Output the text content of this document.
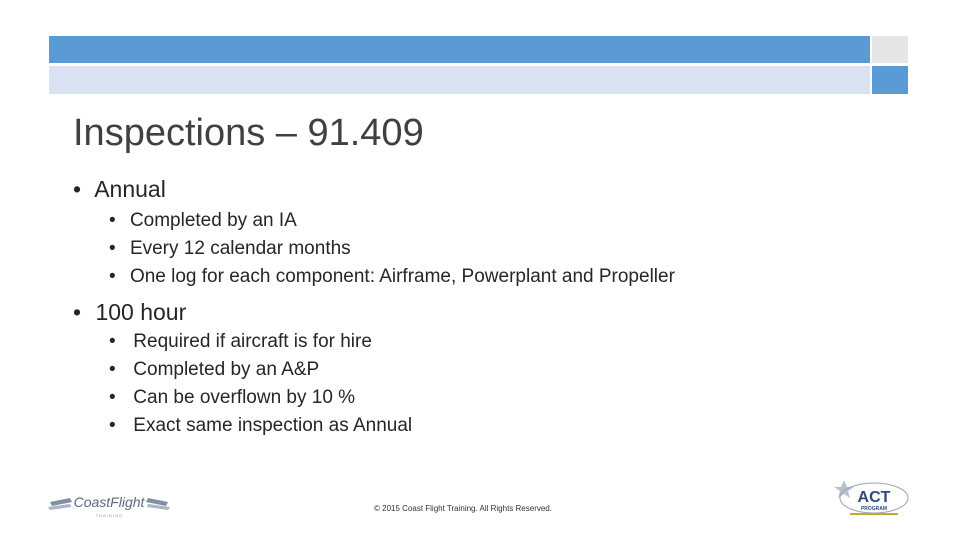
Inspections – 91.409
• Annual
• Completed by an IA
• Every 12 calendar months
• One log for each component: Airframe, Powerplant and Propeller
• 100 hour
• Required if aircraft is for hire
• Completed by an A&P
• Can be overflown by 10 %
• Exact same inspection as Annual
CoastFlight
T R A I N I N G
© 2015 Coast Flight Training. All Rights Reserved.
ACT
PROGRAM
